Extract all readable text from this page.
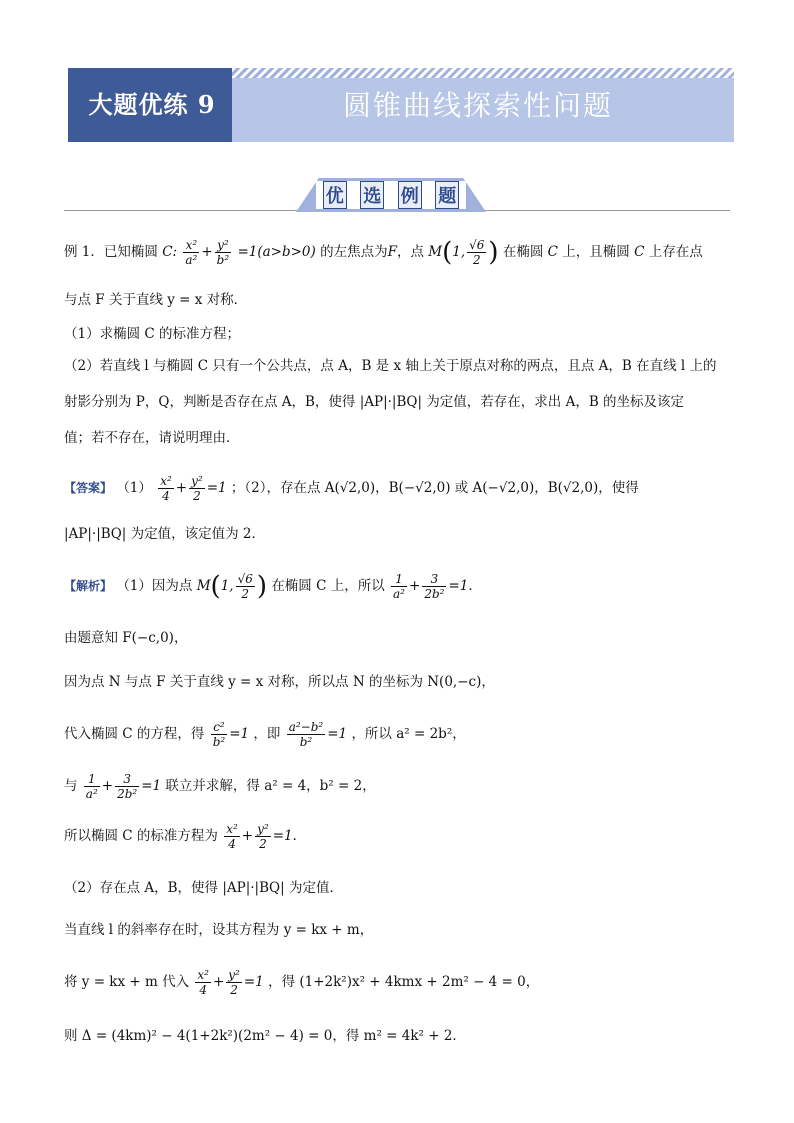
大题优练 9	圆锥曲线探索性问题
优 选 例 题
例 1．已知椭圆 C: $\frac{\text{x²}}{\text{a²}} + \frac{\text{y²}}{\text{b²}} =1(a>b>0)$ 的左焦点为F，点 M(1, $\frac{√6}{2}$ ) 在椭圆 C 上，且椭圆 C 上存在点
与点 F 关于直线 y = x 对称．
（1）求椭圆 C 的标准方程；
（2）若直线 l 与椭圆 C 只有一个公共点，点 A，B 是 x 轴上关于原点对称的两点，且点 A，B 在直线 l 上的
射影分别为 P，Q，判断是否存在点 A，B，使得 |AP|·|BQ| 为定值，若存在，求出 A，B 的坐标及该定
值；若不存在，请说明理由．
【答案】 $(1) \frac{\text{x²}}{4} + \frac{\text{y²}}{2} =1$ ；（2），存在点 A(√2,0)，B(−√2,0) 或 A(−√2,0)，B(√2,0)，使得
|AP|·|BQ| 为定值，该定值为 2．
【解析】 （1）因为点 M(1, $\frac{√6}{2}$ ) 在椭圆 C 上，所以 $\frac{1}{\text{a²}} + \frac{3}{\text{2b²}} =1$．
由题意知 F(−c,0)，
因为点 N 与点 F 关于直线 y = x 对称，所以点 N 的坐标为 N(0,−c)，
代入椭圆 C 的方程，得 $\frac{\text{c²}}{\text{b²}} =1$ ，即 $\frac{\text{a²−b²}}{\text{b²}} =1$ ，所以 a² = 2b²，
与 $\frac{1}{\text{a²}} + \frac{3}{\text{2b²}} =1$ 联立并求解，得 a² = 4，b² = 2，
所以椭圆 C 的标准方程为 $\frac{\text{x²}}{4} + \frac{\text{y²}}{2} =1$．
（2）存在点 A，B，使得 |AP|·|BQ| 为定值．
当直线 l 的斜率存在时，设其方程为 y = kx + m，
将 y = kx + m 代入 $\frac{\text{x²}}{4} + \frac{\text{y²}}{2} =1$ ，得 (1+2k²)x² + 4kmx + 2m² − 4 = 0，
则 Δ = (4km)² − 4(1+2k²)(2m² − 4) = 0，得 m² = 4k² + 2．
